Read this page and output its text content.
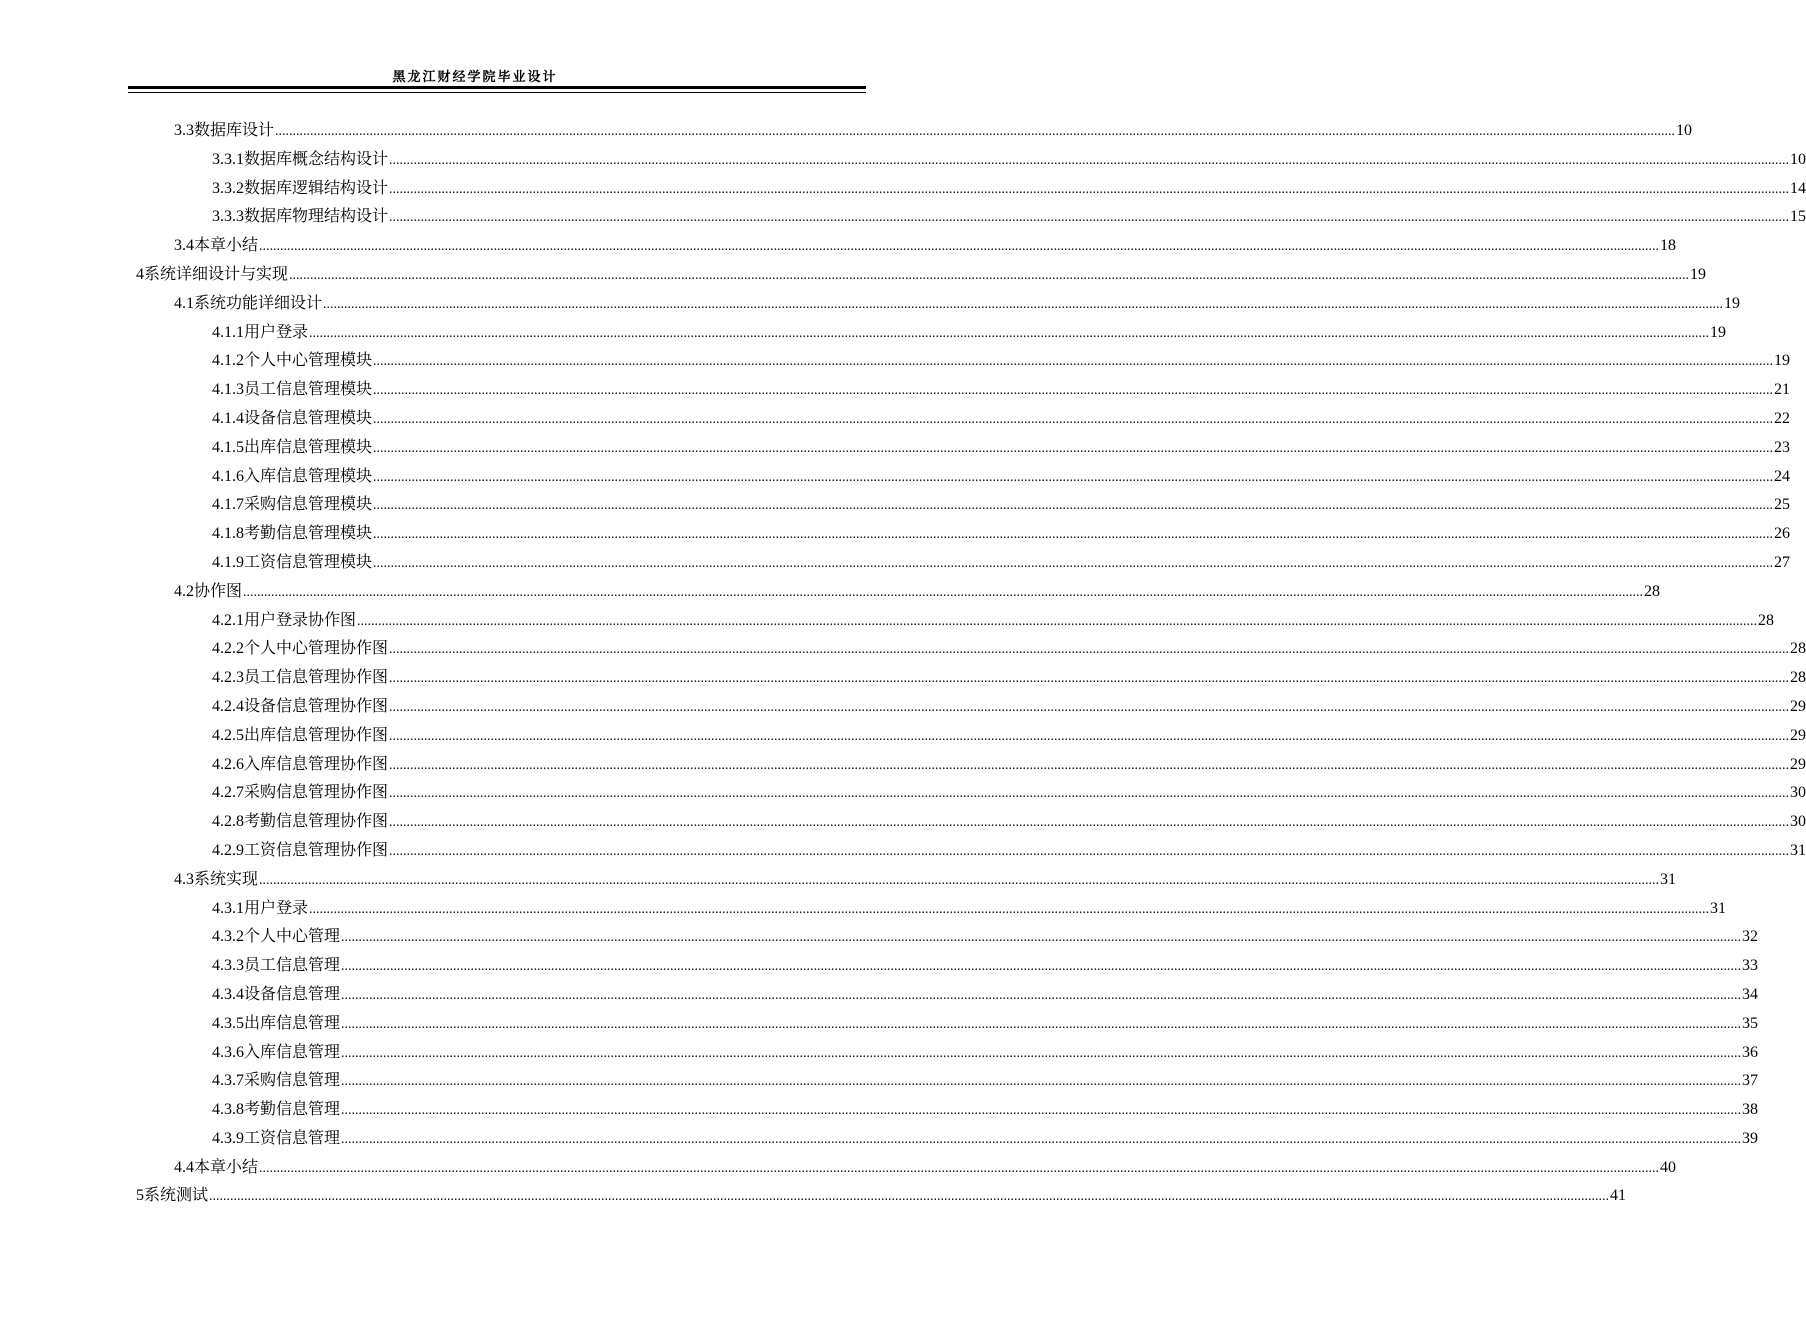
黑龙江财经学院毕业设计
3.3 数据库设计 ................................................................................................................................................................................................................................................................................................................................................................................................................ 10
3.3.1 数据库概念结构设计 ................................................................................................................................................................................................................................................................................................................................................................................................................ 10
3.3.2 数据库逻辑结构设计 ................................................................................................................................................................................................................................................................................................................................................................................................................ 14
3.3.3 数据库物理结构设计 ................................................................................................................................................................................................................................................................................................................................................................................................................ 15
3.4 本章小结 ................................................................................................................................................................................................................................................................................................................................................................................................................ 18
4 系统详细设计与实现 ................................................................................................................................................................................................................................................................................................................................................................................................................ 19
4.1 系统功能详细设计 ................................................................................................................................................................................................................................................................................................................................................................................................................ 19
4.1.1 用户登录 ................................................................................................................................................................................................................................................................................................................................................................................................................ 19
4.1.2 个人中心管理模块 ................................................................................................................................................................................................................................................................................................................................................................................................................ 19
4.1.3 员工信息管理模块 ................................................................................................................................................................................................................................................................................................................................................................................................................ 21
4.1.4 设备信息管理模块 ................................................................................................................................................................................................................................................................................................................................................................................................................ 22
4.1.5 出库信息管理模块 ................................................................................................................................................................................................................................................................................................................................................................................................................ 23
4.1.6 入库信息管理模块 ................................................................................................................................................................................................................................................................................................................................................................................................................ 24
4.1.7 采购信息管理模块 ................................................................................................................................................................................................................................................................................................................................................................................................................ 25
4.1.8 考勤信息管理模块 ................................................................................................................................................................................................................................................................................................................................................................................................................ 26
4.1.9 工资信息管理模块 ................................................................................................................................................................................................................................................................................................................................................................................................................ 27
4.2 协作图 ................................................................................................................................................................................................................................................................................................................................................................................................................ 28
4.2.1 用户登录协作图 ................................................................................................................................................................................................................................................................................................................................................................................................................ 28
4.2.2 个人中心管理协作图 ................................................................................................................................................................................................................................................................................................................................................................................................................ 28
4.2.3 员工信息管理协作图 ................................................................................................................................................................................................................................................................................................................................................................................................................ 28
4.2.4 设备信息管理协作图 ................................................................................................................................................................................................................................................................................................................................................................................................................ 29
4.2.5 出库信息管理协作图 ................................................................................................................................................................................................................................................................................................................................................................................................................ 29
4.2.6 入库信息管理协作图 ................................................................................................................................................................................................................................................................................................................................................................................................................ 29
4.2.7 采购信息管理协作图 ................................................................................................................................................................................................................................................................................................................................................................................................................ 30
4.2.8 考勤信息管理协作图 ................................................................................................................................................................................................................................................................................................................................................................................................................ 30
4.2.9 工资信息管理协作图 ................................................................................................................................................................................................................................................................................................................................................................................................................ 31
4.3 系统实现 ................................................................................................................................................................................................................................................................................................................................................................................................................ 31
4.3.1 用户登录 ................................................................................................................................................................................................................................................................................................................................................................................................................ 31
4.3.2 个人中心管理 ................................................................................................................................................................................................................................................................................................................................................................................................................ 32
4.3.3 员工信息管理 ................................................................................................................................................................................................................................................................................................................................................................................................................ 33
4.3.4 设备信息管理 ................................................................................................................................................................................................................................................................................................................................................................................................................ 34
4.3.5 出库信息管理 ................................................................................................................................................................................................................................................................................................................................................................................................................ 35
4.3.6 入库信息管理 ................................................................................................................................................................................................................................................................................................................................................................................................................ 36
4.3.7 采购信息管理 ................................................................................................................................................................................................................................................................................................................................................................................................................ 37
4.3.8 考勤信息管理 ................................................................................................................................................................................................................................................................................................................................................................................................................ 38
4.3.9 工资信息管理 ................................................................................................................................................................................................................................................................................................................................................................................................................ 39
4.4 本章小结 ................................................................................................................................................................................................................................................................................................................................................................................................................ 40
5 系统测试 ................................................................................................................................................................................................................................................................................................................................................................................................................ 41
